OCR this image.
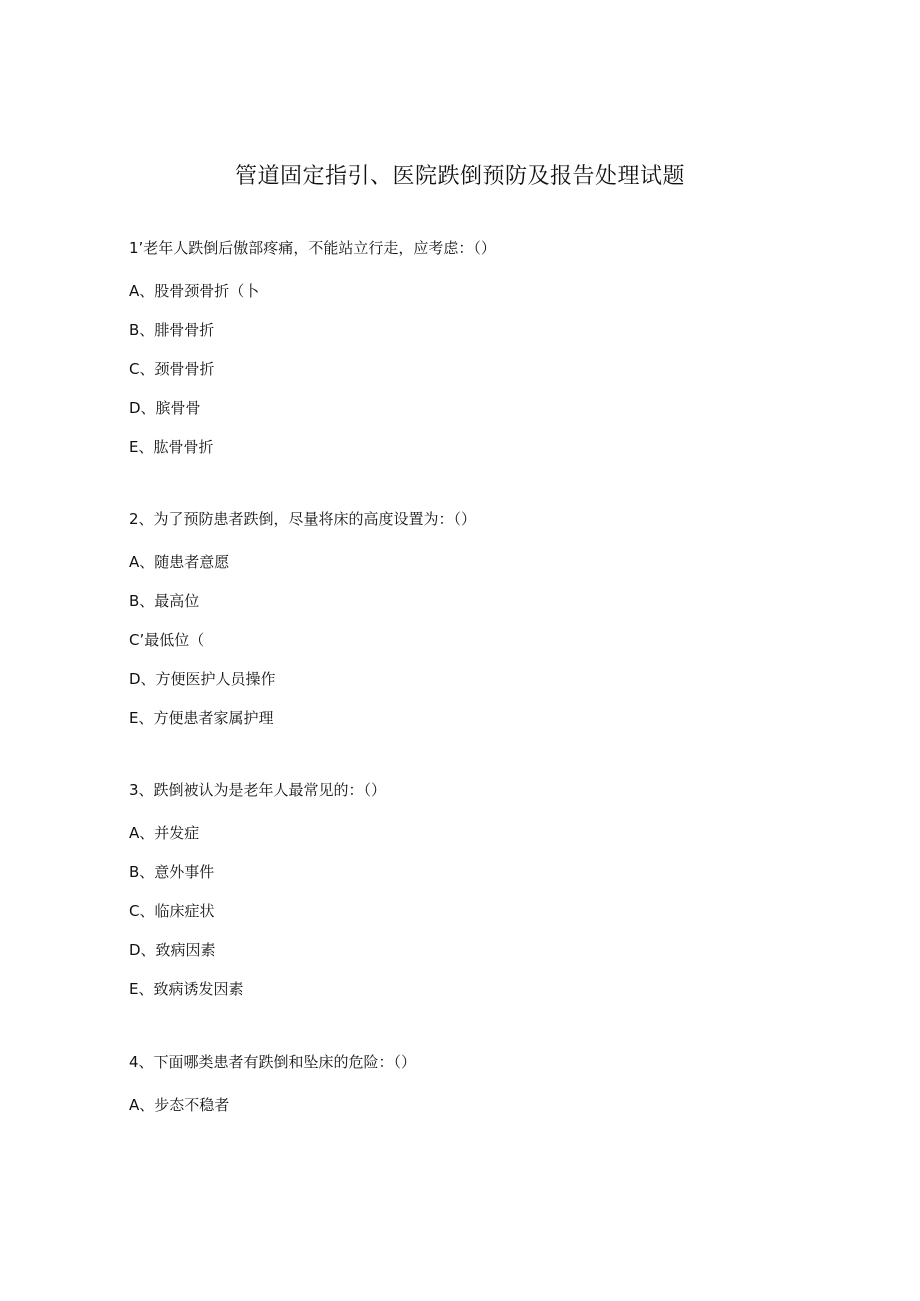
管道固定指引、医院跌倒预防及报告处理试题
1’老年人跌倒后傲部疼痛，不能站立行走，应考虑：（）
A、股骨颈骨折（卜
B、腓骨骨折
C、颈骨骨折
D、膑骨骨
E、肱骨骨折
2、为了预防患者跌倒，尽量将床的高度设置为：（）
A、随患者意愿
B、最高位
C’最低位（
D、方便医护人员操作
E、方便患者家属护理
3、跌倒被认为是老年人最常见的：（）
A、并发症
B、意外事件
C、临床症状
D、致病因素
E、致病诱发因素
4、下面哪类患者有跌倒和坠床的危险：（）
A、步态不稳者
